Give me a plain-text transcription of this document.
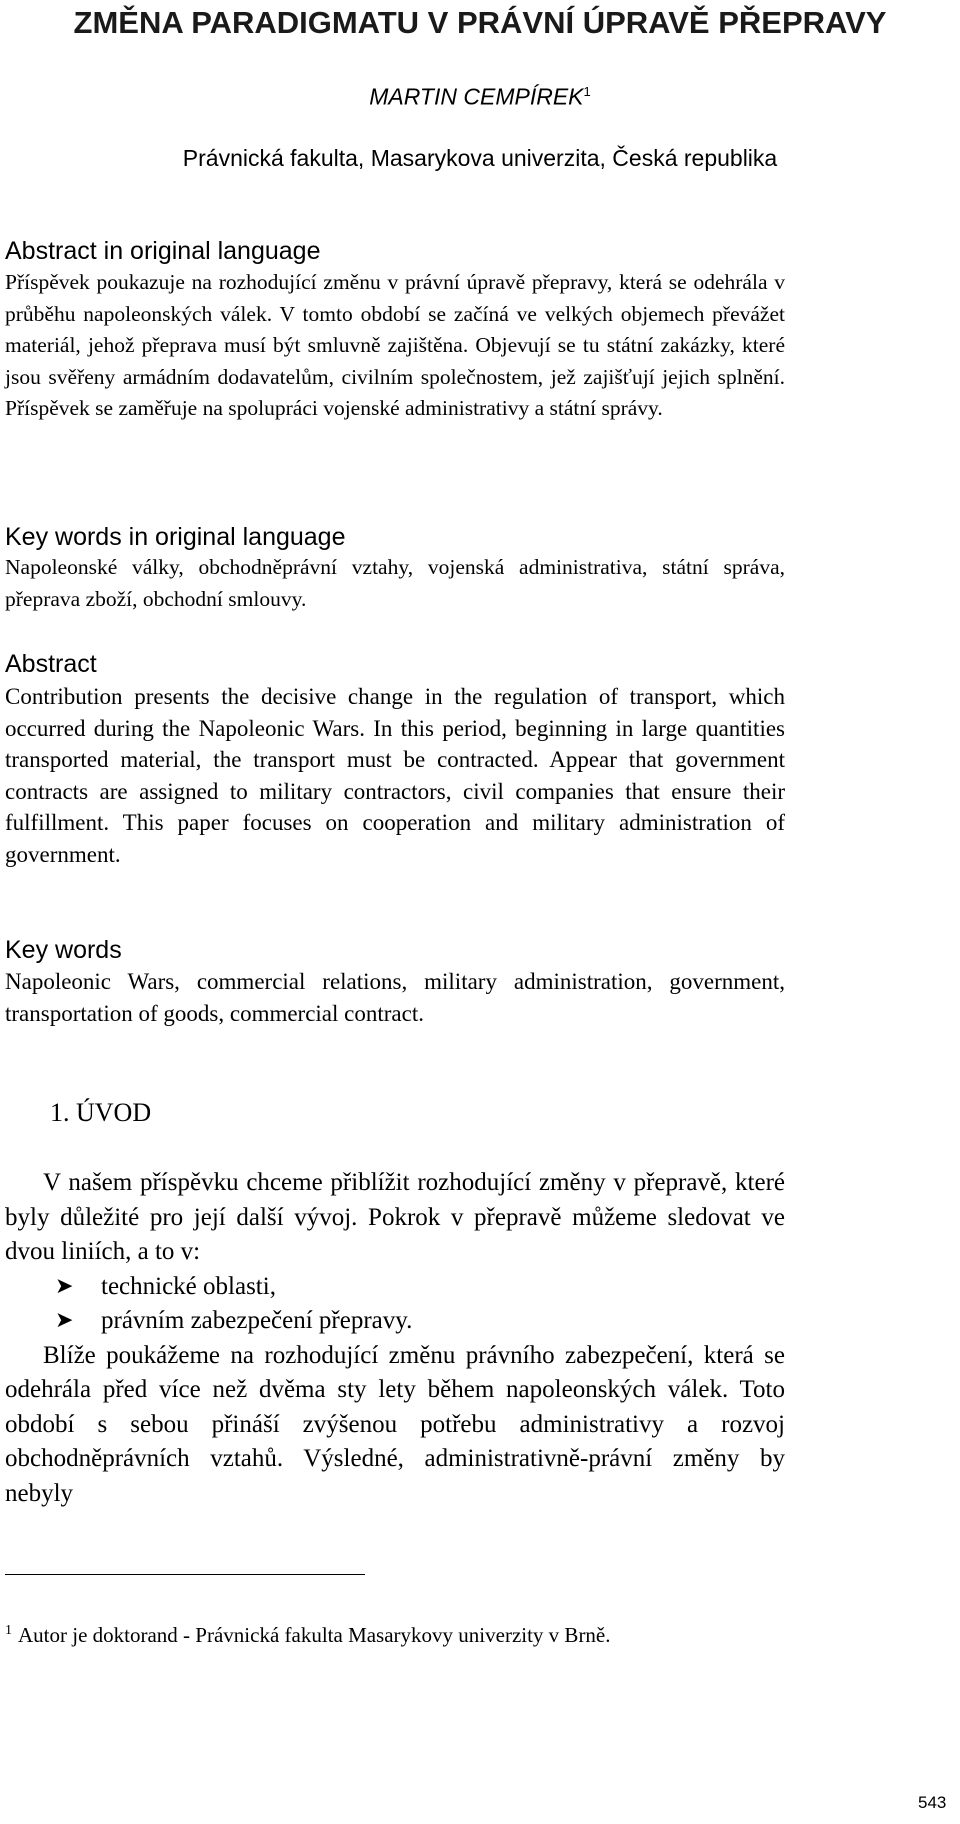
ZMĚNA PARADIGMATU V PRÁVNÍ ÚPRAVĚ PŘEPRAVY
MARTIN CEMPÍREK$^1$
Právnická fakulta, Masarykova univerzita, Česká republika
Abstract in original language
Příspěvek poukazuje na rozhodující změnu v právní úpravě přepravy, která se odehrála v průběhu napoleonských válek. V tomto období se začíná ve velkých objemech převážet materiál, jehož přeprava musí být smluvně zajištěna. Objevují se tu státní zakázky, které jsou svěřeny armádním dodavatelům, civilním společnostem, jež zajišťují jejich splnění. Příspěvek se zaměřuje na spolupráci vojenské administrativy a státní správy.
Key words in original language
Napoleonské války, obchodněprávní vztahy, vojenská administrativa, státní správa, přeprava zboží, obchodní smlouvy.
Abstract
Contribution presents the decisive change in the regulation of transport, which occurred during the Napoleonic Wars. In this period, beginning in large quantities transported material, the transport must be contracted. Appear that government contracts are assigned to military contractors, civil companies that ensure their fulfillment. This paper focuses on cooperation and military administration of government.
Key words
Napoleonic Wars, commercial relations, military administration, government, transportation of goods, commercial contract.
1. ÚVOD

V našem příspěvku chceme přiblížit rozhodující změny v přepravě, které byly důležité pro její další vývoj. Pokrok v přepravě můžeme sledovat ve dvou liniích, a to v:

➤ technické oblasti,
➤ právním zabezpečení přepravy.

Blíže poukážeme na rozhodující změnu právního zabezpečení, která se odehrála před více než dvěma sty lety během napoleonských válek. Toto období s sebou přináší zvýšenou potřebu administrativy a rozvoj obchodněprávních vztahů. Výsledné, administrativně-právní změny by nebyly

$^1$ Autor je doktorand - Právnická fakulta Masarykovy univerzity v Brně.
543
